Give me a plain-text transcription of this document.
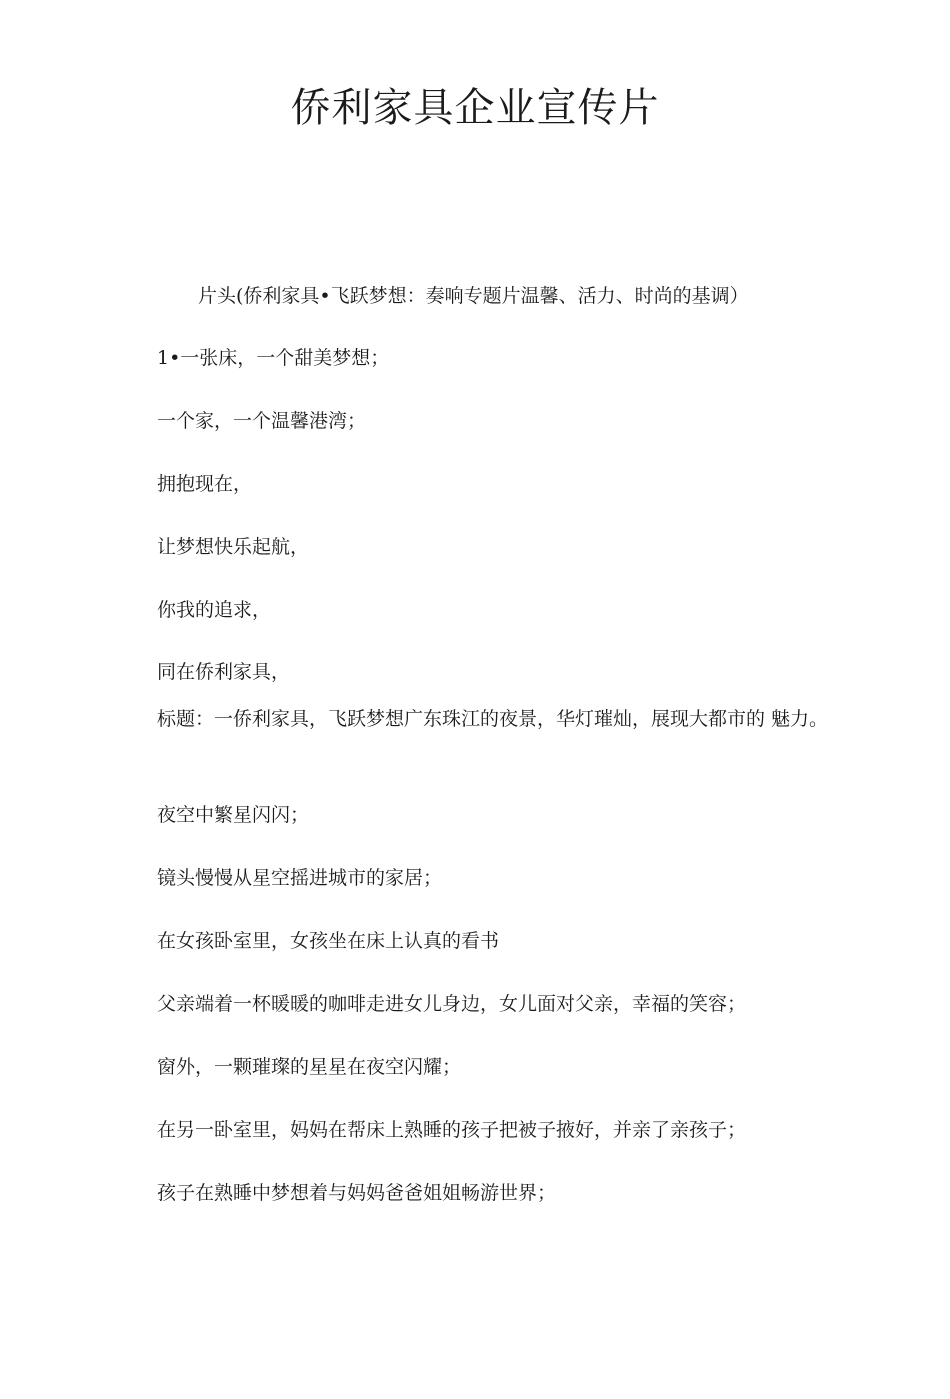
侨利家具企业宣传片

片头(侨利家具•飞跃梦想：奏响专题片温馨、活力、时尚的基调）

1•一张床，一个甜美梦想；

一个家，一个温馨港湾；

拥抱现在，

让梦想快乐起航，

你我的追求，

同在侨利家具，

标题：一侨利家具，飞跃梦想广东珠江的夜景，华灯璀灿，展现大都市的 魅力。

夜空中繁星闪闪；

镜头慢慢从星空摇进城市的家居；

在女孩卧室里，女孩坐在床上认真的看书

父亲端着一杯暖暖的咖啡走进女儿身边，女儿面对父亲，幸福的笑容；

窗外，一颗璀璨的星星在夜空闪耀；

在另一卧室里，妈妈在帮床上熟睡的孩子把被子掖好，并亲了亲孩子；

孩子在熟睡中梦想着与妈妈爸爸姐姐畅游世界；
